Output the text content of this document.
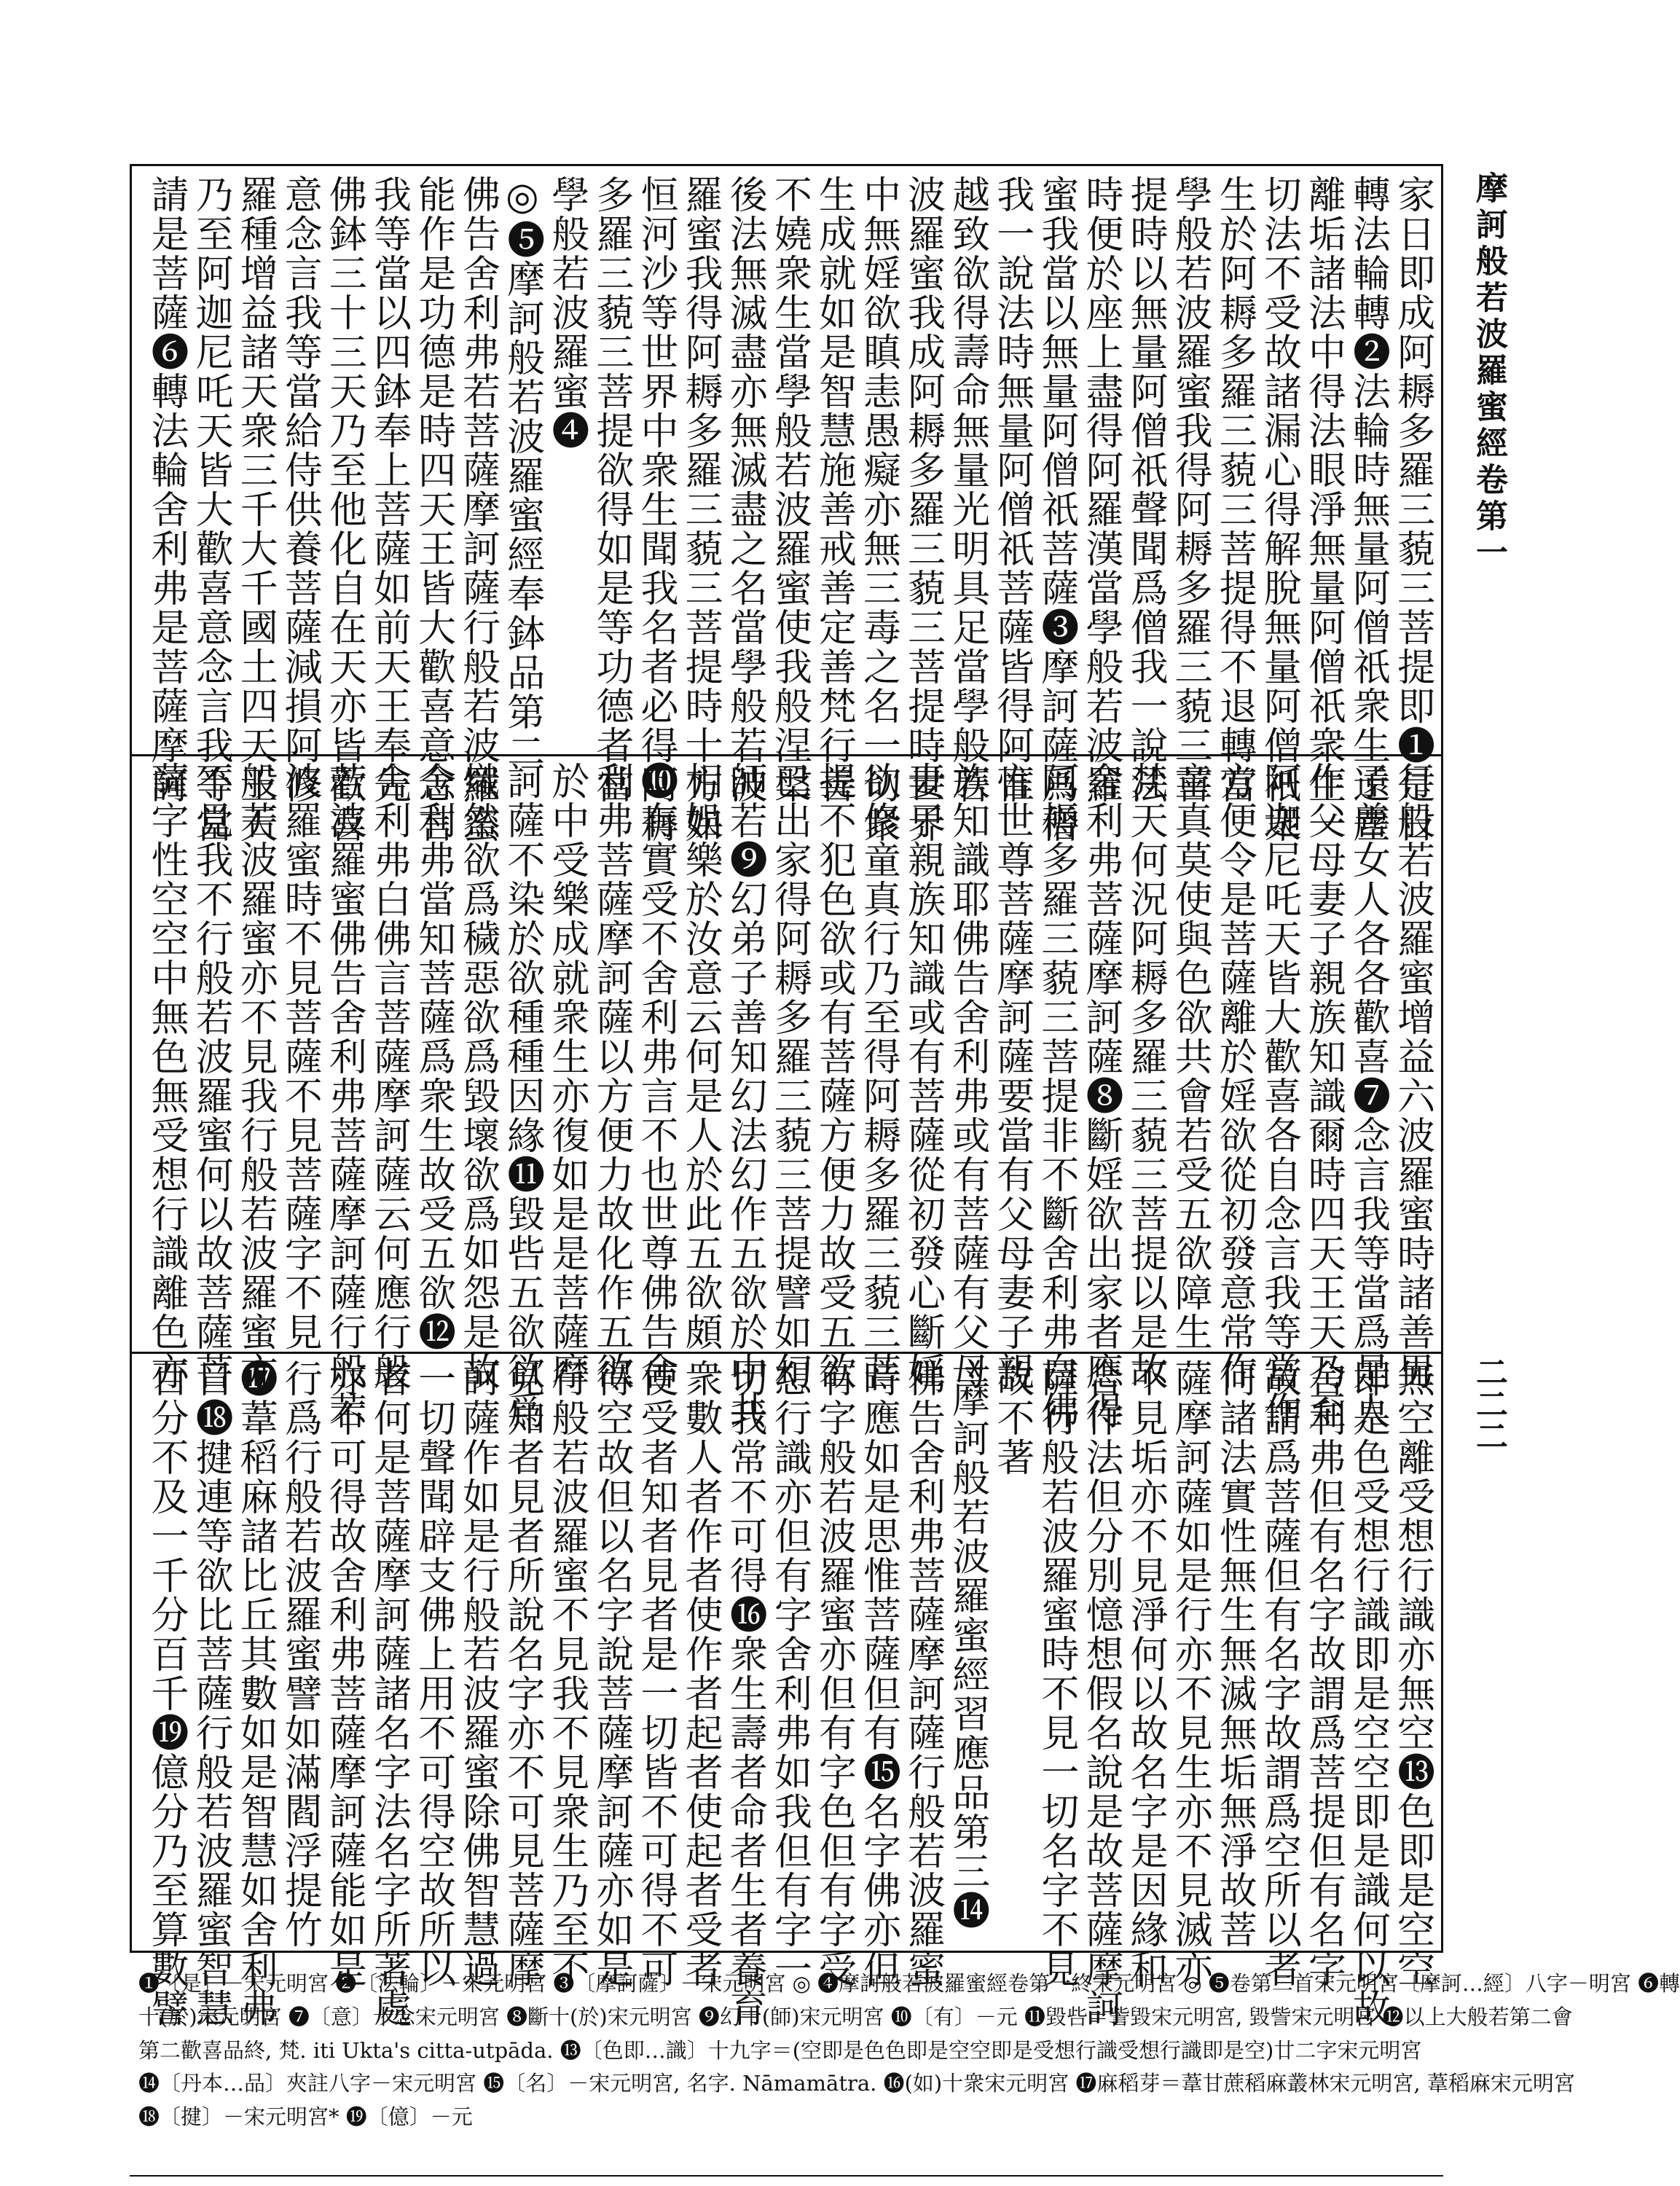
摩訶般若波羅蜜經卷第一
二二二
家日即成阿耨多羅三藐三菩提即❶是日
轉法輪轉❷法輪時無量阿僧祇衆生遠塵
離垢諸法中得法眼淨無量阿僧祇衆生一
切法不受故諸漏心得解脫無量阿僧祇衆
生於阿耨多羅三藐三菩提得不退轉當
學般若波羅蜜我得阿耨多羅三藐三菩
提時以無量阿僧祇聲聞爲僧我一說法
時便於座上盡得阿羅漢當學般若波羅
蜜我當以無量阿僧祇菩薩❸摩訶薩爲僧
我一說法時無量阿僧祇菩薩皆得阿惟
越致欲得壽命無量光明具足當學般若
波羅蜜我成阿耨多羅三藐三菩提時世界
中無婬欲瞋恚愚癡亦無三毒之名一切衆
生成就如是智慧施善戒善定善梵行善
不嬈衆生當學般若波羅蜜使我般涅槃
後法無滅盡亦無滅盡之名當學般若波
羅蜜我得阿耨多羅三藐三菩提時十方如
恒河沙等世界中衆生聞我名者必得阿耨
多羅三藐三菩提欲得如是等功德者當
學般若波羅蜜❹
◎❺摩訶般若波羅蜜經奉鉢品第二
佛告舍利弗若菩薩摩訶薩行般若波羅蜜
能作是功德是時四天王皆大歡喜意念言
我等當以四鉢奉上菩薩如前天王奉先
佛鉢三十三天乃至他化自在天亦皆歡喜
意念言我等當給侍供養菩薩減損阿修
羅種增益諸天衆三千大千國土四天王天
乃至阿迦尼吒天皆大歡喜意念言我等當
請是菩薩❻轉法輪舍利弗是菩薩摩訶
行般若波羅蜜增益六波羅蜜時諸善男
子善女人各各歡喜❼念言我等當爲是人
作父母妻子親族知識爾時四天王天乃至
阿迦尼吒天皆大歡喜各自念言我等當作
方便令是菩薩離於婬欲從初發意常作
童真莫使與色欲共會若受五欲障生
梵天何況阿耨多羅三藐三菩提以是故
舍利弗菩薩摩訶薩❽斷婬欲出家者應得
阿耨多羅三藐三菩提非不斷舍利弗白佛
言世尊菩薩摩訶薩要當有父母妻子親
族知識耶佛告舍利弗或有菩薩有父母
妻子親族知識或有菩薩從初發心斷婬
欲修童真行乃至得阿耨多羅三藐三菩
提不犯色欲或有菩薩方便力故受五欲
已出家得阿耨多羅三藐三菩提譬如幻
師若❾幻弟子善知幻法幻作五欲於中共
相娛樂於汝意云何是人於此五欲頗
❿有實受不舍利弗言不也世尊佛告舍
利弗菩薩摩訶薩以方便力故化作五欲
於中受樂成就衆生亦復如是是菩薩摩
訶薩不染於欲種種因緣⓫毀呰五欲欲爲
熾然欲爲穢惡欲爲毀壞欲爲如怨是故
舍利弗當知菩薩爲衆生故受五欲⓬
舍利弗白佛言菩薩摩訶薩云何應行般
若波羅蜜佛告舍利弗菩薩摩訶薩行般若
波羅蜜時不見菩薩不見菩薩字不見
般若波羅蜜亦不見我行般若波羅蜜亦
不見我不行般若波羅蜜何以故菩薩菩
薩字性空空中無色無受想行識離色亦
無空離受想行識亦無空⓭色即是空空
即是色受想行識即是空空即是識何以故
舍利弗但有名字故謂爲菩提但有名字
故謂爲菩薩但有名字故謂爲空所以者
何諸法實性無生無滅無垢無淨故菩
薩摩訶薩如是行亦不見生亦不見滅亦
不見垢亦不見淨何以故名字是因緣和
合作法但分別憶想假名說是故菩薩摩訶
薩行般若波羅蜜時不見一切名字不見
故不著
*摩訶般若波羅蜜經習應品第三⓮
佛告舍利弗菩薩摩訶薩行般若波羅蜜
時應如是思惟菩薩但有⓯名字佛亦但
有字般若波羅蜜亦但有字色但有字受
想行識亦但有字舍利弗如我但有字一
切我常不可得⓰衆生壽者命者生者養育
衆數人者作者使作者起者使起者受者
使受者知者見者是一切皆不可得不可
得空故但以名字說菩薩摩訶薩亦如是
行般若波羅蜜不見我不見衆生乃至不
見知者見者所說名字亦不可見菩薩摩
訶薩作如是行般若波羅蜜除佛智慧過
一切聲聞辟支佛上用不可得空故所以
者何是菩薩摩訶薩諸名字法名字所著處
亦不可得故舍利弗菩薩摩訶薩能如是
行爲行般若波羅蜜譬如滿閻浮提竹
⓱葦稻麻諸比丘其數如是智慧如舍利弗
目⓲揵連等欲比菩薩行般若波羅蜜智慧
百分不及一千分百千⓳億分乃至算數譬

❶〔是〕－宋元明宮 ❷〔法輪〕－宋元明宮 ❸〔摩訶薩〕－宋元明宮 ◎ ❹摩訶般若波羅蜜經卷第一終宋元明宮 ◎ ❺卷第二首宋元明宮〔摩訶…經〕八字－明宮 ❻轉

十(於)宋元明宮 ❼〔意〕十念宋元明宮 ❽斷十(於)宋元明宮 ❾幻十(師)宋元明宮 ❿〔有〕－元 ⓫毀呰＝訾毀宋元明宮, 毀訾宋元明宮 ⓬以上大般若第二會

第二歡喜品終, 梵. iti Ukta's citta-utpāda. ⓭〔色即…識〕十九字＝(空即是色色即是空空即是受想行識受想行識即是空)廿二字宋元明宮

⓮〔丹本…品〕夾註八字－宋元明宮 ⓯〔名〕－宋元明宮, 名字. Nāmamātra. ⓰(如)十衆宋元明宮 ⓱麻稻芽＝葦甘蔗稻麻叢林宋元明宮, 葦稻麻宋元明宮

⓲〔揵〕－宋元明宮* ⓳〔億〕－元
